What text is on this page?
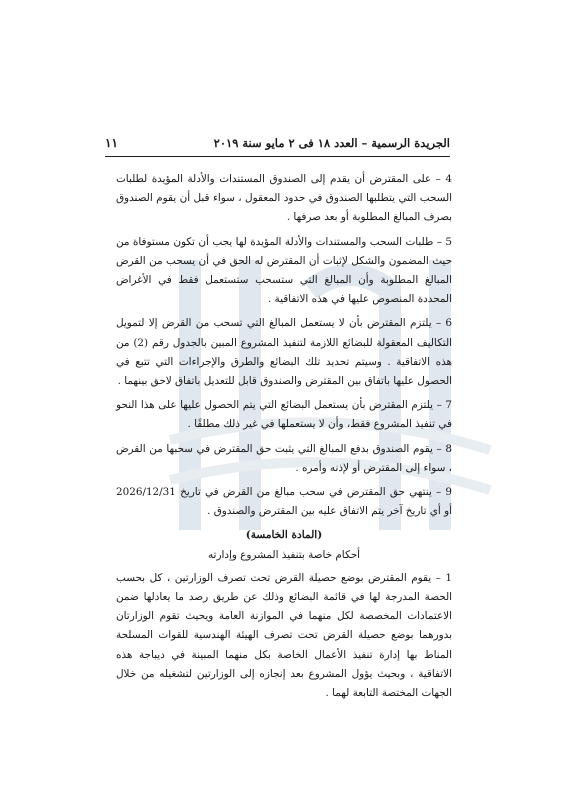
الجريدة الرسمية – العدد ١٨ فى ٢ مايو سنة ٢٠١٩
١١

4 – على المقترض أن يقدم إلى الصندوق المستندات والأدلة المؤيدة لطلبات السحب التي يتطلبها الصندوق في حدود المعقول ، سواء قبل أن يقوم الصندوق بصرف المبالغ المطلوبة أو بعد صرفها .

5 – طلبات السحب والمستندات والأدلة المؤيدة لها يجب أن تكون مستوفاة من حيث المضمون والشكل لإثبات أن المقترض له الحق في أن يسحب من القرض المبالغ المطلوبة وأن المبالغ التي ستسحب ستستعمل فقط في الأغراض المحددة المنصوص عليها في هذه الاتفاقية .

6 – يلتزم المقترض بأن لا يستعمل المبالغ التي تسحب من القرض إلا لتمويل التكاليف المعقولة للبضائع اللازمة لتنفيذ المشروع المبين بالجدول رقم (2) من هذه الاتفاقية . وسيتم تحديد تلك البضائع والطرق والإجراءات التي تتبع في الحصول عليها باتفاق بين المقترض والصندوق قابل للتعديل باتفاق لاحق بينهما .

7 – يلتزم المقترض بأن يستعمل البضائع التي يتم الحصول عليها على هذا النحو في تنفيذ المشروع فقط، وأن لا يستعملها في غير ذلك مطلقًا .

8 – يقوم الصندوق بدفع المبالغ التي يثبت حق المقترض في سحبها من القرض ، سواء إلى المقترض أو لإذنه وأمره .

9 – ينتهي حق المقترض في سحب مبالغ من القرض في تاريخ 2026/12/31 أو أي تاريخ آخر يتم الاتفاق عليه بين المقترض والصندوق .

(المادة الخامسة)

أحكام خاصة بتنفيذ المشروع وإدارته

1 – يقوم المقترض بوضع حصيلة القرض تحت تصرف الوزارتين ، كل بحسب الحصة المدرجة لها في قائمة البضائع وذلك عن طريق رصد ما يعادلها ضمن الاعتمادات المخصصة لكل منهما في الموازنة العامة ويحيث تقوم الوزارتان بدورهما بوضع حصيلة القرض تحت تصرف الهيئة الهندسية للقوات المسلحة المناط بها إدارة تنفيذ الأعمال الخاصة بكل منهما المبينة في ديباجة هذه الاتفاقية ، وبحيث يؤول المشروع بعد إنجازه إلى الوزارتين لتشغيله من خلال الجهات المختصة التابعة لهما .
